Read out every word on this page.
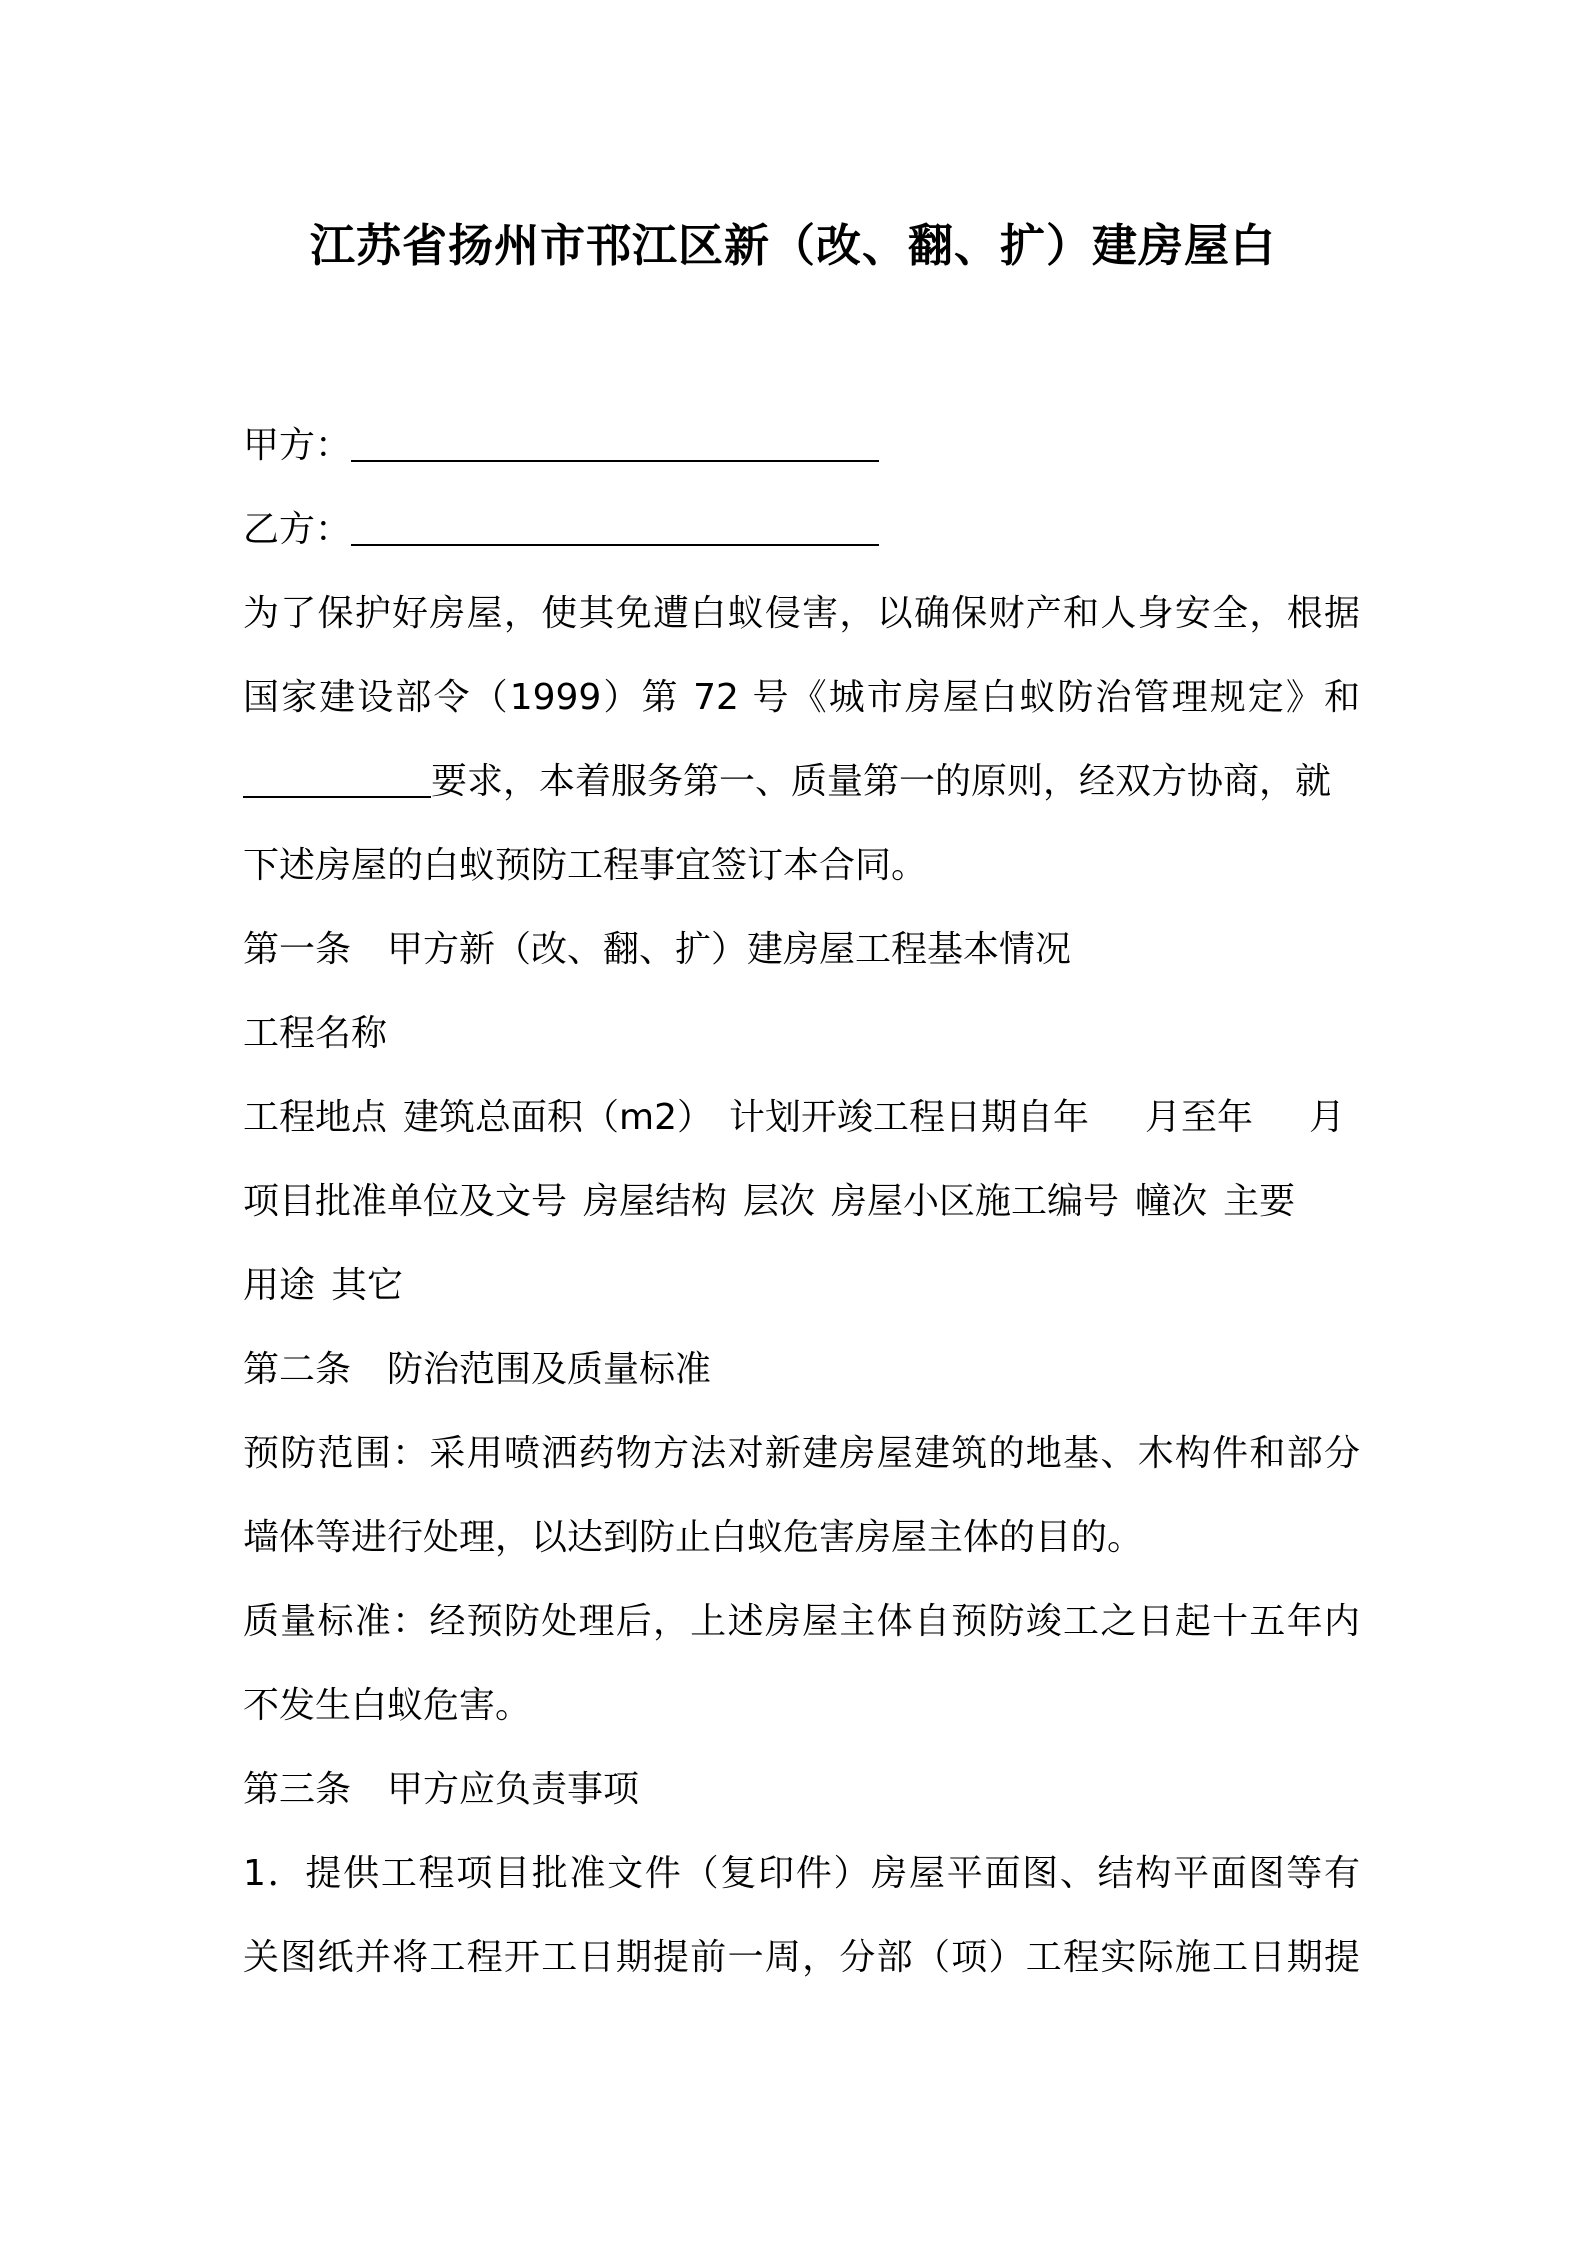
江苏省扬州市邗江区新（改、翻、扩）建房屋白
甲方：
乙方：
为了保护好房屋，使其免遭白蚁侵害，以确保财产和人身安全，根据
国家建设部令（1999）第 72 号《城市房屋白蚁防治管理规定》和
要求，本着服务第一、质量第一的原则，经双方协商，就
下述房屋的白蚁预防工程事宜签订本合同。
第一条 甲方新（改、翻、扩）建房屋工程基本情况
工程名称
工程地点 建筑总面积（m2） 计划开竣工程日期自年 月至年 月
项目批准单位及文号 房屋结构 层次 房屋小区施工编号 幢次 主要
用途 其它
第二条 防治范围及质量标准
预防范围：采用喷洒药物方法对新建房屋建筑的地基、木构件和部分
墙体等进行处理，以达到防止白蚁危害房屋主体的目的。
质量标准：经预防处理后，上述房屋主体自预防竣工之日起十五年内
不发生白蚁危害。
第三条 甲方应负责事项
1．提供工程项目批准文件（复印件）房屋平面图、结构平面图等有
关图纸并将工程开工日期提前一周，分部（项）工程实际施工日期提
